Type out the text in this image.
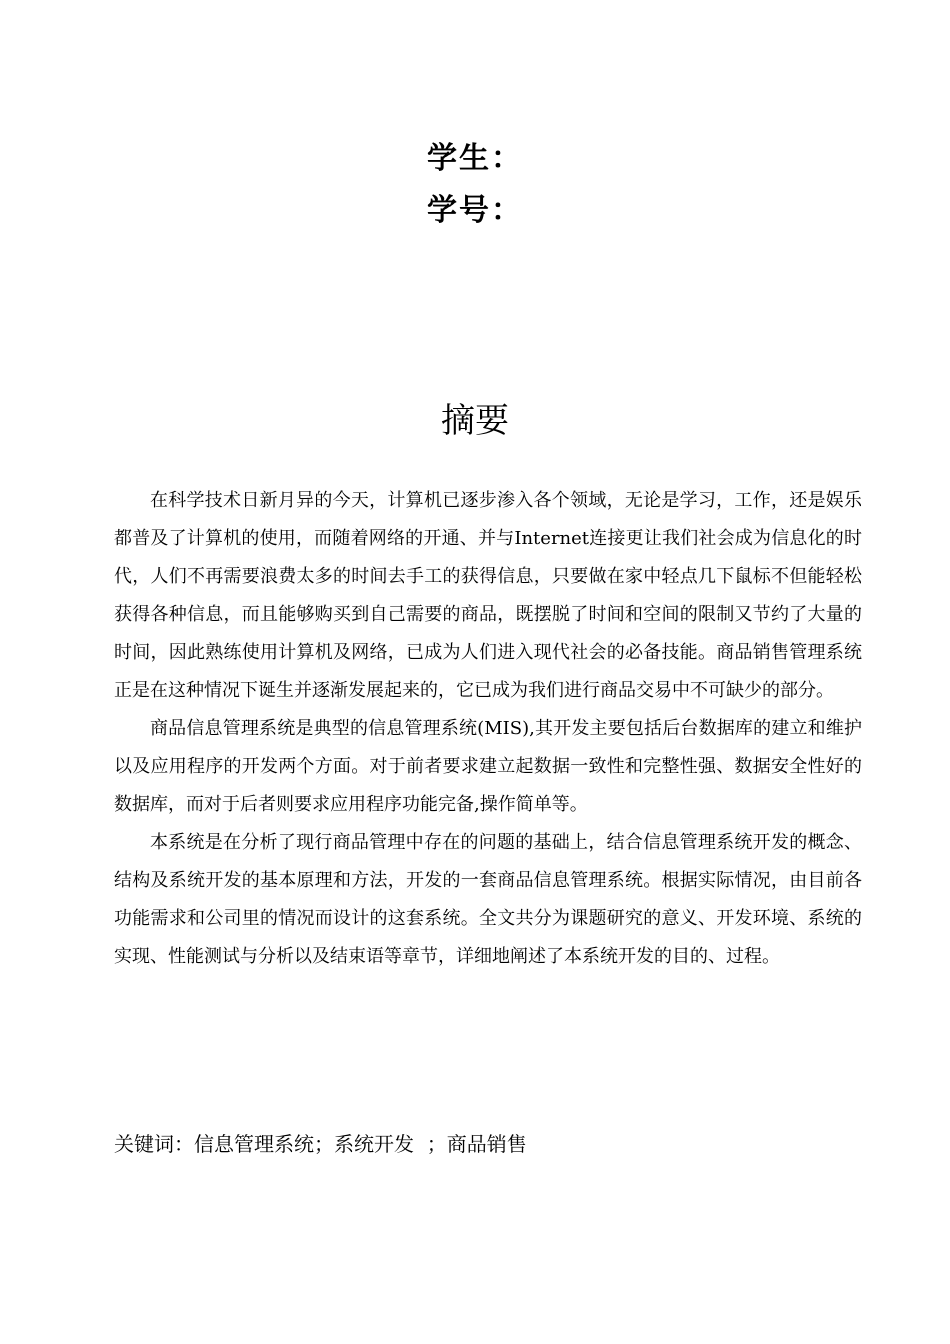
学生：
学号：
摘要

在科学技术日新月异的今天，计算机已逐步渗入各个领域，无论是学习，工作，还是娱乐都普及了计算机的使用，而随着网络的开通、并与Internet连接更让我们社会成为信息化的时代，人们不再需要浪费太多的时间去手工的获得信息，只要做在家中轻点几下鼠标不但能轻松获得各种信息，而且能够购买到自己需要的商品，既摆脱了时间和空间的限制又节约了大量的时间，因此熟练使用计算机及网络，已成为人们进入现代社会的必备技能。商品销售管理系统正是在这种情况下诞生并逐渐发展起来的，它已成为我们进行商品交易中不可缺少的部分。

商品信息管理系统是典型的信息管理系统(MIS),其开发主要包括后台数据库的建立和维护以及应用程序的开发两个方面。对于前者要求建立起数据一致性和完整性强、数据安全性好的数据库，而对于后者则要求应用程序功能完备,操作简单等。

本系统是在分析了现行商品管理中存在的问题的基础上，结合信息管理系统开发的概念、结构及系统开发的基本原理和方法，开发的一套商品信息管理系统。根据实际情况，由目前各功能需求和公司里的情况而设计的这套系统。全文共分为课题研究的意义、开发环境、系统的实现、性能测试与分析以及结束语等章节，详细地阐述了本系统开发的目的、过程。

关键词：信息管理系统；系统开发  ；商品销售
